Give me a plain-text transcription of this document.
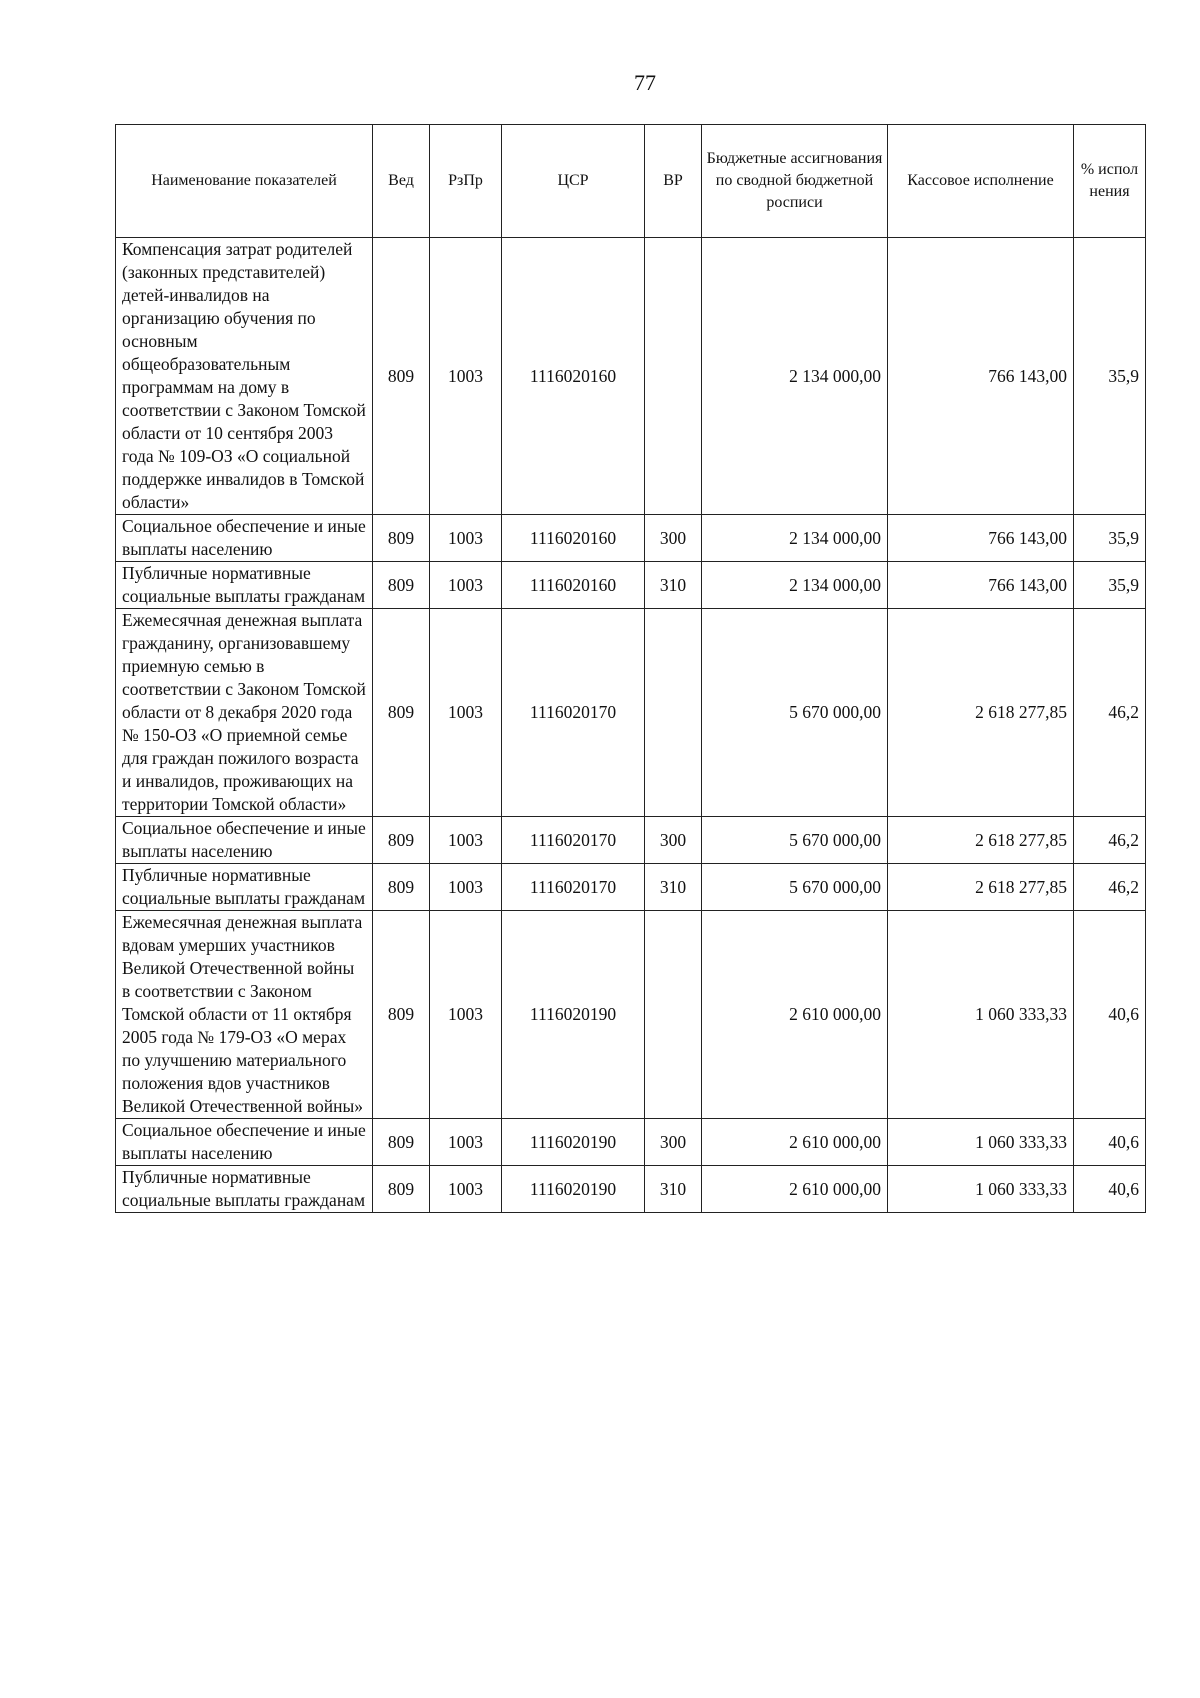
77
Наименование показателей	Вед	РзПр	ЦСР	ВР	Бюджетные ассигнования по сводной бюджетной росписи	Кассовое исполнение	% испол нения
Компенсация затрат родителей (законных представителей) детей-инвалидов на организацию обучения по основным общеобразовательным программам на дому в соответствии с Законом Томской области от 10 сентября 2003 года № 109-ОЗ «О социальной поддержке инвалидов в Томской области»	809	1003	1116020160		2 134 000,00	766 143,00	35,9
Социальное обеспечение и иные выплаты населению	809	1003	1116020160	300	2 134 000,00	766 143,00	35,9
Публичные нормативные социальные выплаты гражданам	809	1003	1116020160	310	2 134 000,00	766 143,00	35,9
Ежемесячная денежная выплата гражданину, организовавшему приемную семью в соответствии с Законом Томской области от 8 декабря 2020 года № 150-ОЗ «О приемной семье для граждан пожилого возраста и инвалидов, проживающих на территории Томской области»	809	1003	1116020170		5 670 000,00	2 618 277,85	46,2
Социальное обеспечение и иные выплаты населению	809	1003	1116020170	300	5 670 000,00	2 618 277,85	46,2
Публичные нормативные социальные выплаты гражданам	809	1003	1116020170	310	5 670 000,00	2 618 277,85	46,2
Ежемесячная денежная выплата вдовам умерших участников Великой Отечественной войны в соответствии с Законом Томской области от 11 октября 2005 года № 179-ОЗ «О мерах по улучшению материального положения вдов участников Великой Отечественной войны»	809	1003	1116020190		2 610 000,00	1 060 333,33	40,6
Социальное обеспечение и иные выплаты населению	809	1003	1116020190	300	2 610 000,00	1 060 333,33	40,6
Публичные нормативные социальные выплаты гражданам	809	1003	1116020190	310	2 610 000,00	1 060 333,33	40,6
